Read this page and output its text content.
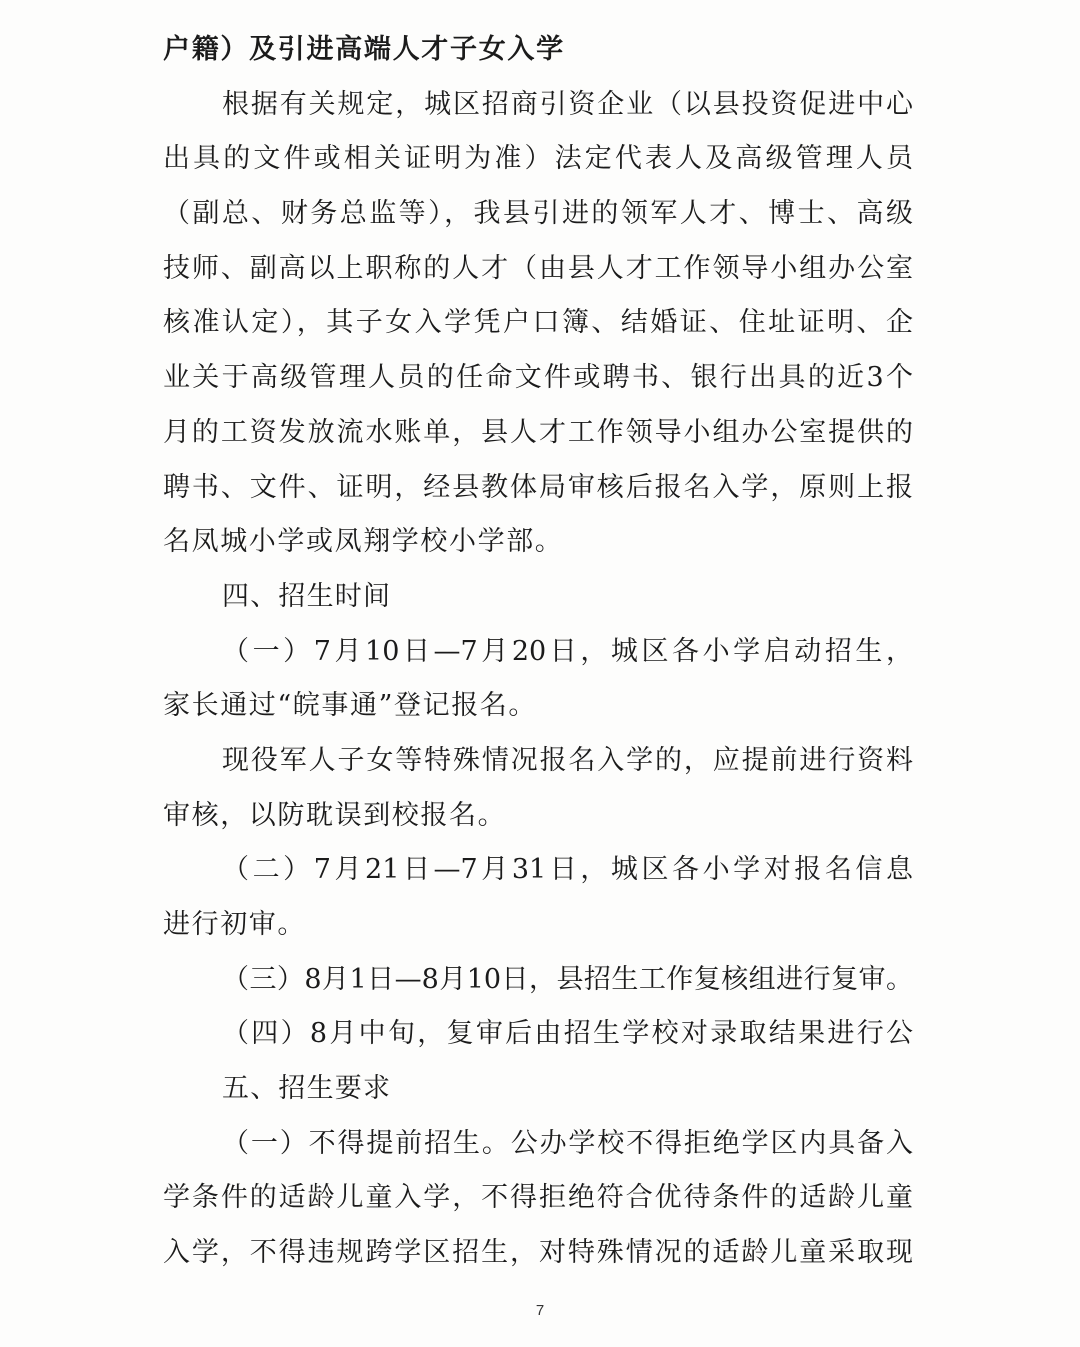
户籍）及引进高端人才子女入学
根据有关规定，城区招商引资企业（以县投资促进中心
出具的文件或相关证明为准）法定代表人及高级管理人员
（副总、财务总监等），我县引进的领军人才、博士、高级
技师、副高以上职称的人才（由县人才工作领导小组办公室
核准认定），其子女入学凭户口簿、结婚证、住址证明、企
业关于高级管理人员的任命文件或聘书、银行出具的近3个
月的工资发放流水账单，县人才工作领导小组办公室提供的
聘书、文件、证明，经县教体局审核后报名入学，原则上报
名凤城小学或凤翔学校小学部。
四、招生时间
（一）7月10日—7月20日，城区各小学启动招生，
家长通过“皖事通”登记报名。
现役军人子女等特殊情况报名入学的，应提前进行资料
审核，以防耽误到校报名。
（二）7月21日—7月31日，城区各小学对报名信息
进行初审。
（三）8月1日—8月10日，县招生工作复核组进行复审。
（四）8月中旬，复审后由招生学校对录取结果进行公
五、招生要求
（一）不得提前招生。公办学校不得拒绝学区内具备入
学条件的适龄儿童入学，不得拒绝符合优待条件的适龄儿童
入学，不得违规跨学区招生，对特殊情况的适龄儿童采取现
7
